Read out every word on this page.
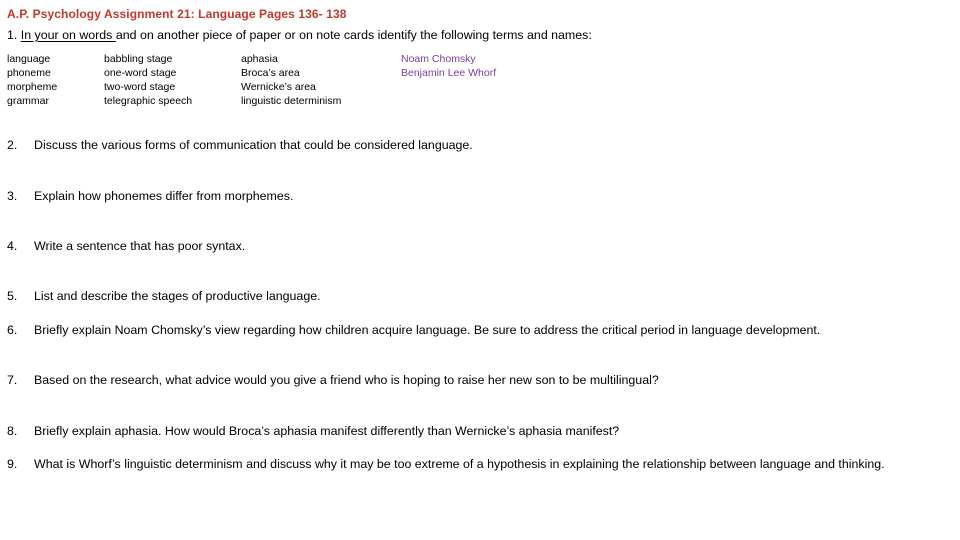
A.P. Psychology Assignment 21: Language Pages 136- 138
1. In your on words and on another piece of paper or on note cards identify the following terms and names:
language
phoneme
morpheme
grammar
babbling stage
one-word stage
two-word stage
telegraphic speech
aphasia
Broca’s area
Wernicke’s area
linguistic determinism
Noam Chomsky
Benjamin Lee Whorf
2. Discuss the various forms of communication that could be considered language.
3. Explain how phonemes differ from morphemes.
4. Write a sentence that has poor syntax.
5. List and describe the stages of productive language.
6. Briefly explain Noam Chomsky’s view regarding how children acquire language. Be sure to address the critical period in language development.
7. Based on the research, what advice would you give a friend who is hoping to raise her new son to be multilingual?
8. Briefly explain aphasia. How would Broca’s aphasia manifest differently than Wernicke’s aphasia manifest?
9. What is Whorf’s linguistic determinism and discuss why it may be too extreme of a hypothesis in explaining the relationship between language and thinking.
